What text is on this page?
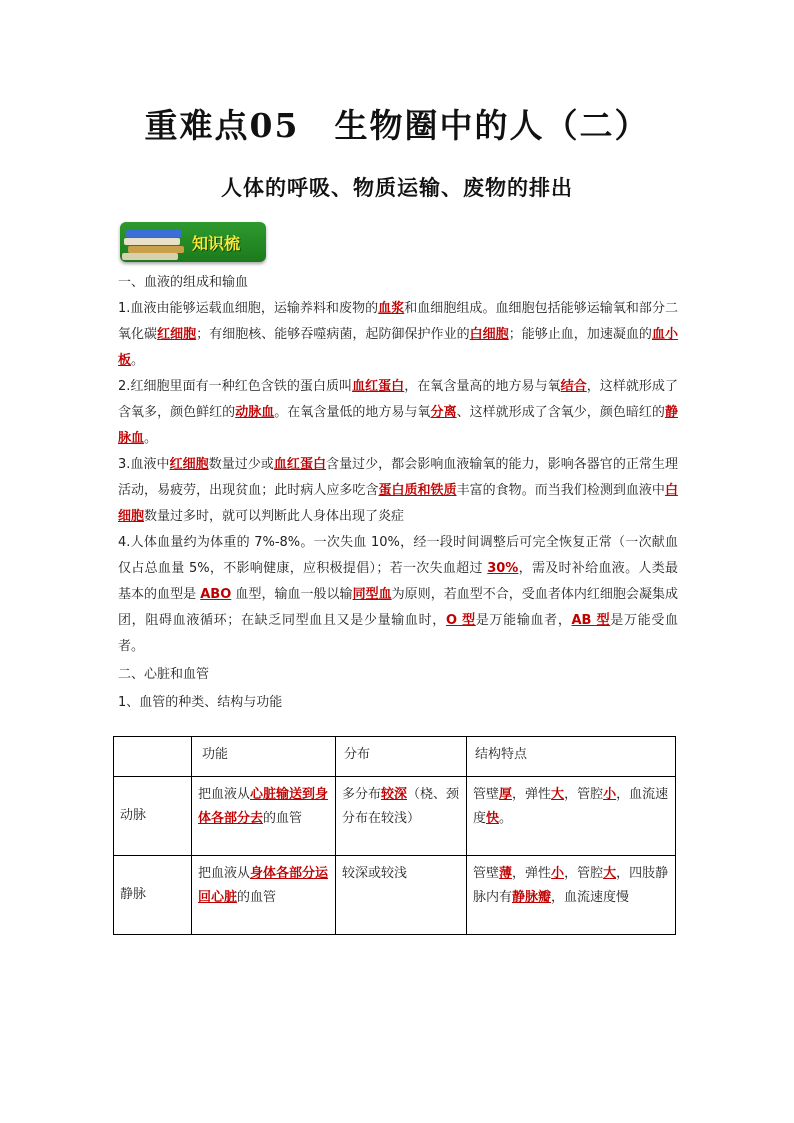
重难点05　生物圈中的人（二）
人体的呼吸、物质运输、废物的排出
知识梳

一、血液的组成和输血

1.血液由能够运载血细胞，运输养料和废物的血浆和血细胞组成。血细胞包括能够运输氧和部分二氧化碳红细胞；有细胞核、能够吞噬病菌，起防御保护作业的白细胞；能够止血，加速凝血的血小板。

2.红细胞里面有一种红色含铁的蛋白质叫血红蛋白，在氧含量高的地方易与氧结合，这样就形成了含氧多，颜色鲜红的动脉血。在氧含量低的地方易与氧分离、这样就形成了含氧少，颜色暗红的静脉血。

3.血液中红细胞数量过少或血红蛋白含量过少，都会影响血液输氧的能力，影响各器官的正常生理活动，易疲劳，出现贫血；此时病人应多吃含蛋白质和铁质丰富的食物。而当我们检测到血液中白细胞数量过多时，就可以判断此人身体出现了炎症

4.人体血量约为体重的 7%-8%。一次失血 10%，经一段时间调整后可完全恢复正常（一次献血仅占总血量 5%，不影响健康，应积极提倡）；若一次失血超过 30%，需及时补给血液。人类最基本的血型是 ABO 血型，输血一般以输同型血为原则，若血型不合，受血者体内红细胞会凝集成团，阻碍血液循环；在缺乏同型血且又是少量输血时，O 型是万能输血者，AB 型是万能受血者。

二、心脏和血管

1、血管的种类、结构与功能

	功能	分布	结构特点
动脉	把血液从心脏输送到身体各部分去的血管	多分布较深（桡、颈分布在较浅）	管壁厚，弹性大，管腔小，血流速度快。
静脉	把血液从身体各部分运回心脏的血管	较深或较浅	管壁薄，弹性小，管腔大，四肢静脉内有静脉瓣，血流速度慢
